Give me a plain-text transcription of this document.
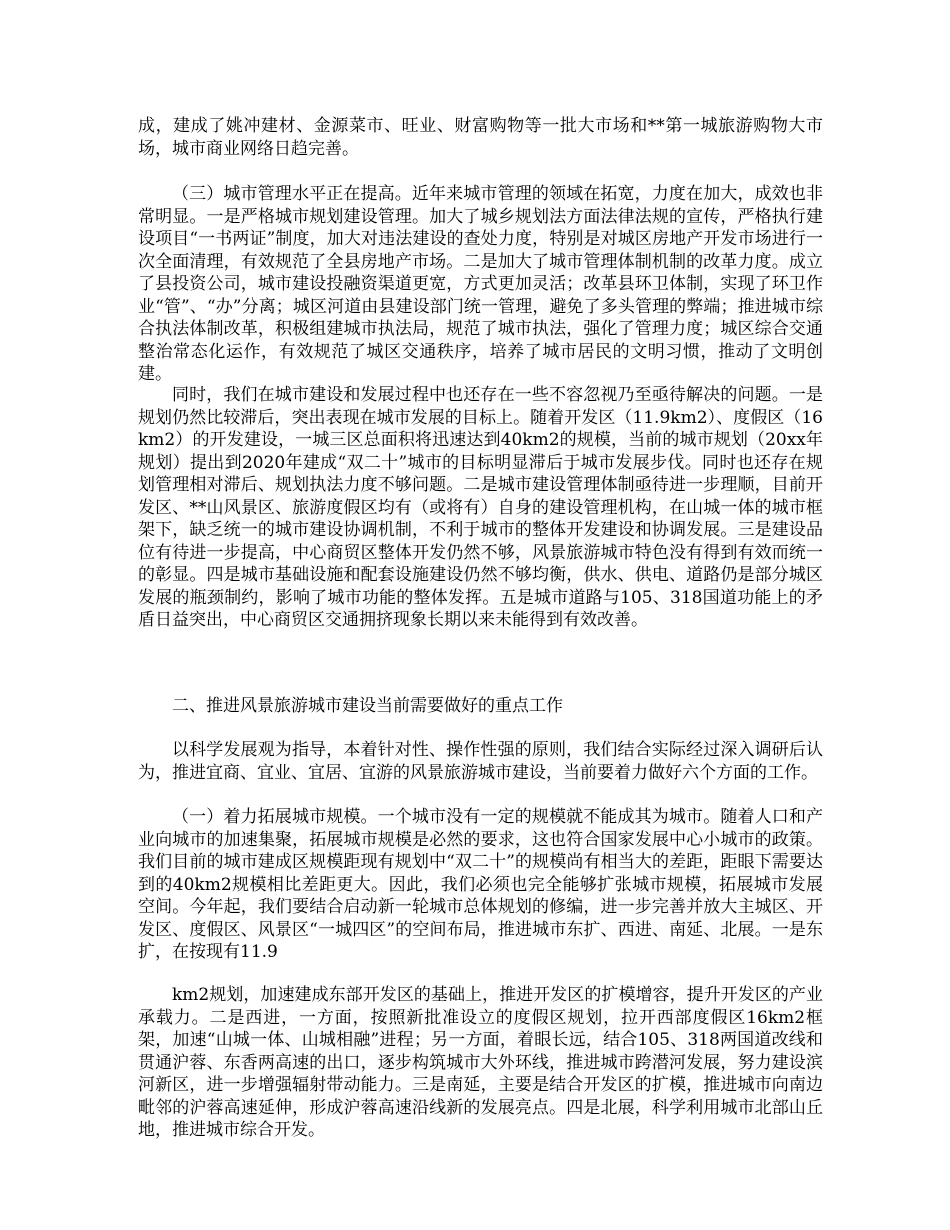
成，建成了姚冲建材、金源菜市、旺业、财富购物等一批大市场和**第一城旅游购物大市场，城市商业网络日趋完善。

（三）城市管理水平正在提高。近年来城市管理的领域在拓宽，力度在加大，成效也非常明显。一是严格城市规划建设管理。加大了城乡规划法方面法律法规的宣传，严格执行建设项目“一书两证”制度，加大对违法建设的查处力度，特别是对城区房地产开发市场进行一次全面清理，有效规范了全县房地产市场。二是加大了城市管理体制机制的改革力度。成立了县投资公司，城市建设投融资渠道更宽，方式更加灵活；改革县环卫体制，实现了环卫作业“管”、“办”分离；城区河道由县建设部门统一管理，避免了多头管理的弊端；推进城市综合执法体制改革，积极组建城市执法局，规范了城市执法，强化了管理力度；城区综合交通整治常态化运作，有效规范了城区交通秩序，培养了城市居民的文明习惯，推动了文明创建。

同时，我们在城市建设和发展过程中也还存在一些不容忽视乃至亟待解决的问题。一是规划仍然比较滞后，突出表现在城市发展的目标上。随着开发区（11.9km2）、度假区（16km2）的开发建设，一城三区总面积将迅速达到40km2的规模，当前的城市规划（20xx年规划）提出到2020年建成“双二十”城市的目标明显滞后于城市发展步伐。同时也还存在规划管理相对滞后、规划执法力度不够问题。二是城市建设管理体制亟待进一步理顺，目前开发区、**山风景区、旅游度假区均有（或将有）自身的建设管理机构，在山城一体的城市框架下，缺乏统一的城市建设协调机制，不利于城市的整体开发建设和协调发展。三是建设品位有待进一步提高，中心商贸区整体开发仍然不够，风景旅游城市特色没有得到有效而统一的彰显。四是城市基础设施和配套设施建设仍然不够均衡，供水、供电、道路仍是部分城区发展的瓶颈制约，影响了城市功能的整体发挥。五是城市道路与105、318国道功能上的矛盾日益突出，中心商贸区交通拥挤现象长期以来未能得到有效改善。

二、推进风景旅游城市建设当前需要做好的重点工作

以科学发展观为指导，本着针对性、操作性强的原则，我们结合实际经过深入调研后认为，推进宜商、宜业、宜居、宜游的风景旅游城市建设，当前要着力做好六个方面的工作。

（一）着力拓展城市规模。一个城市没有一定的规模就不能成其为城市。随着人口和产业向城市的加速集聚，拓展城市规模是必然的要求，这也符合国家发展中心小城市的政策。我们目前的城市建成区规模距现有规划中“双二十”的规模尚有相当大的差距，距眼下需要达到的40km2规模相比差距更大。因此，我们必须也完全能够扩张城市规模，拓展城市发展空间。今年起，我们要结合启动新一轮城市总体规划的修编，进一步完善并放大主城区、开发区、度假区、风景区“一城四区”的空间布局，推进城市东扩、西进、南延、北展。一是东扩，在按现有11.9

km2规划，加速建成东部开发区的基础上，推进开发区的扩模增容，提升开发区的产业承载力。二是西进，一方面，按照新批准设立的度假区规划，拉开西部度假区16km2框架，加速“山城一体、山城相融”进程；另一方面，着眼长远，结合105、318两国道改线和贯通沪蓉、东香两高速的出口，逐步构筑城市大外环线，推进城市跨潜河发展，努力建设滨河新区，进一步增强辐射带动能力。三是南延，主要是结合开发区的扩模，推进城市向南边毗邻的沪蓉高速延伸，形成沪蓉高速沿线新的发展亮点。四是北展，科学利用城市北部山丘地，推进城市综合开发。
